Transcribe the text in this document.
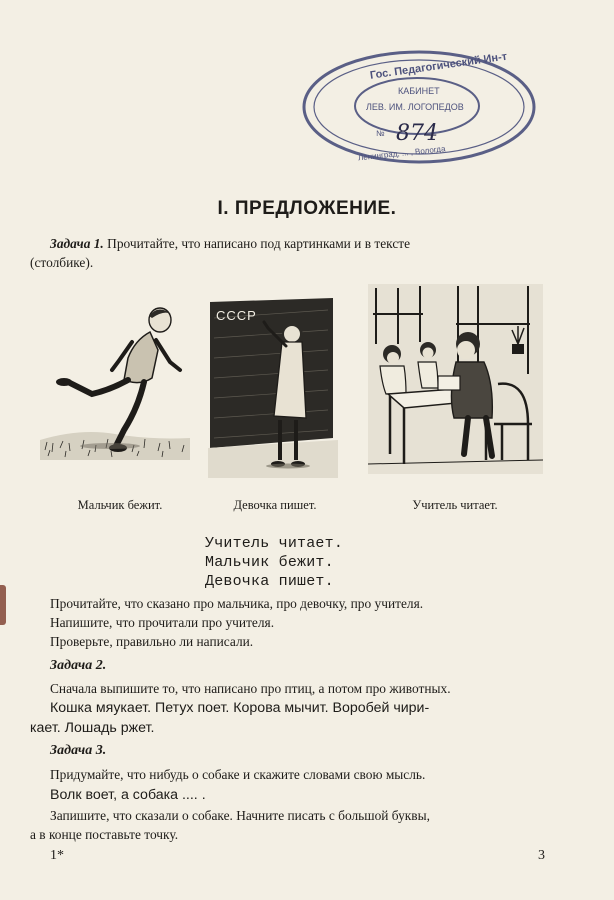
Гос. Педагогический Ин-т
КАБИНЕТ
ЛЕВ. ИМ. ЛОГОПЕДОВ
№ 874
Ленинград, ... , Вологда
I. ПРЕДЛОЖЕНИЕ.
Задача 1. Прочитайте, что написано под картинками и в тексте
(столбике).
СССР
Мальчик бежит.	Девочка пишет.	Учитель читает.
Учитель читает.
Мальчик бежит.
Девочка пишет.
Прочитайте, что сказано про мальчика, про девочку, про учителя.
Напишите, что прочитали про учителя.
Проверьте, правильно ли написали.
Задача 2.
Сначала выпишите то, что написано про птиц, а потом про животных.
Кошка мяукает. Петух поет. Корова мычит. Воробей чири-
кает. Лошадь ржет.
Задача 3.
Придумайте, что нибудь о собаке и скажите словами свою мысль.
Волк воет, а собака .... .
Запишите, что сказали о собаке. Начните писать с большой буквы,
а в конце поставьте точку.
1*	3
